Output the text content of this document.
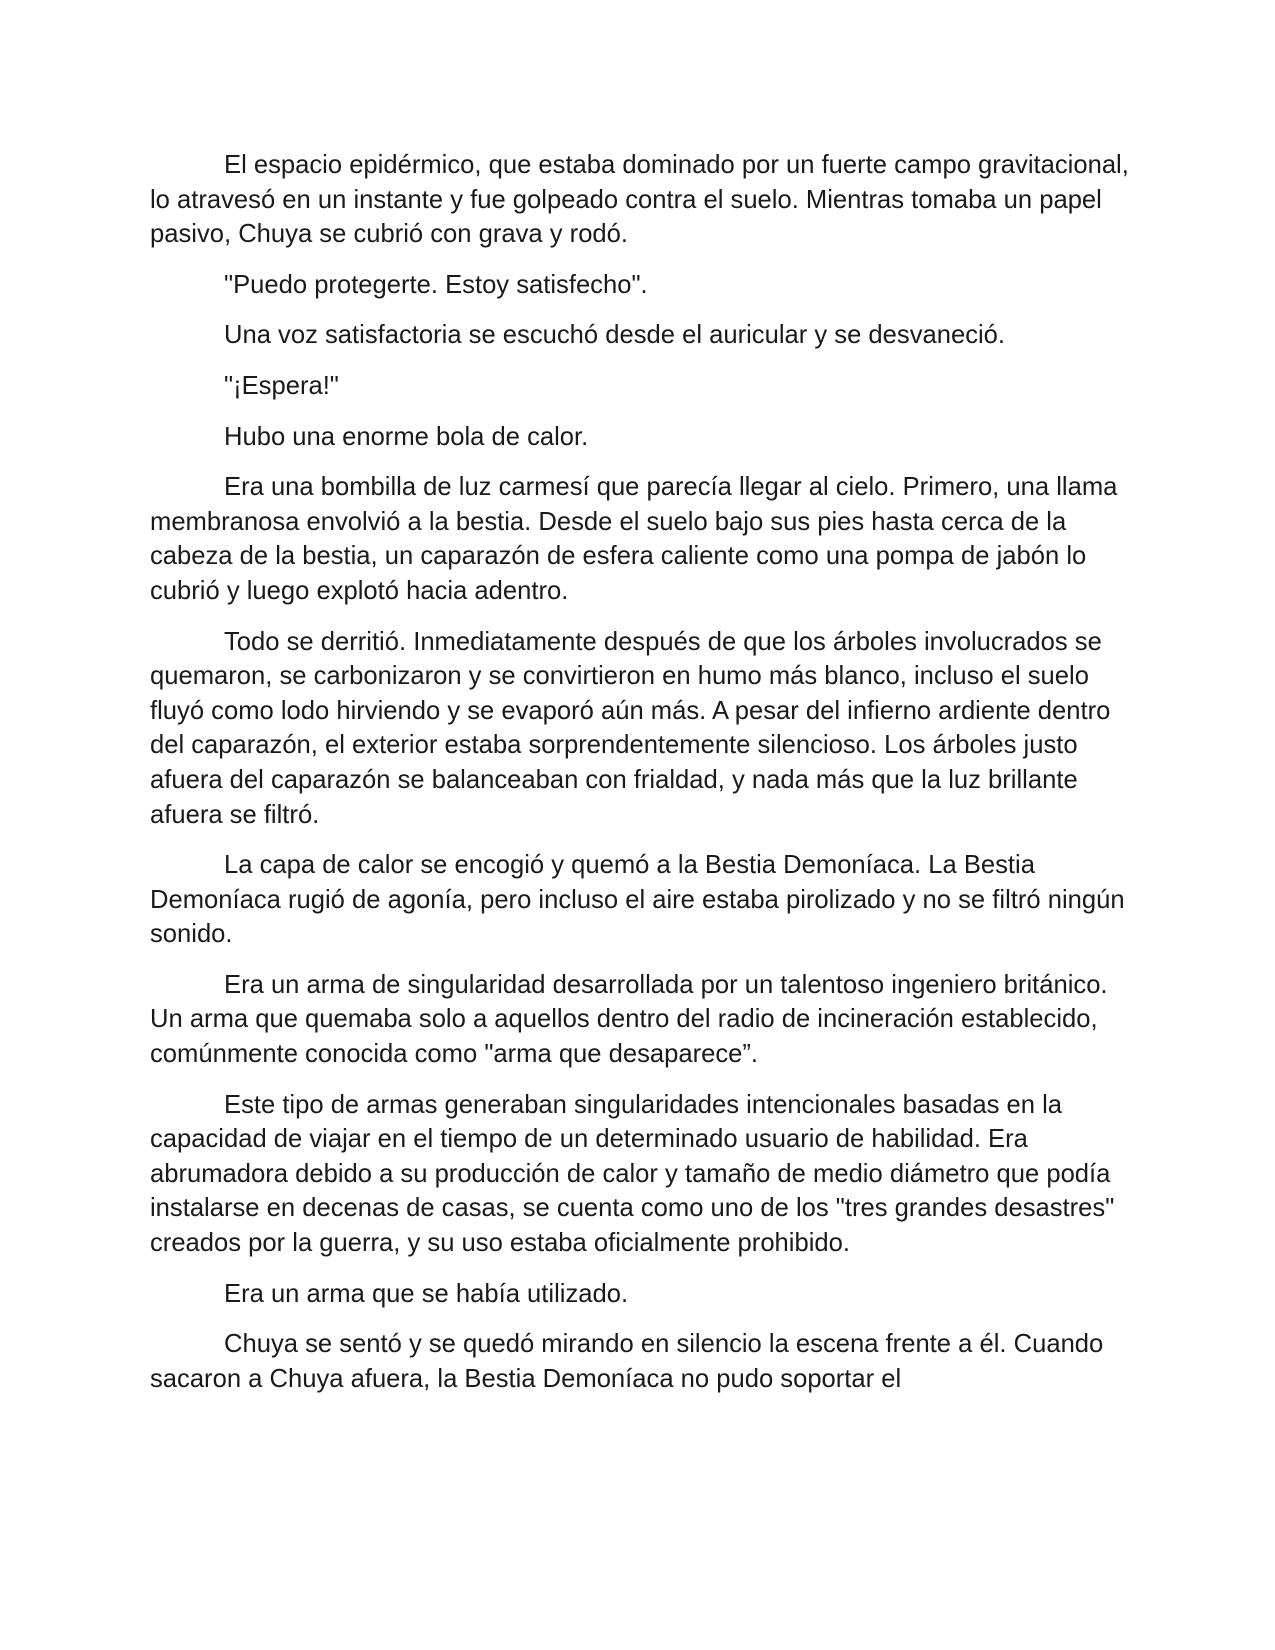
El espacio epidérmico, que estaba dominado por un fuerte campo gravitacional, lo atravesó en un instante y fue golpeado contra el suelo. Mientras tomaba un papel pasivo, Chuya se cubrió con grava y rodó.

"Puedo protegerte. Estoy satisfecho".

Una voz satisfactoria se escuchó desde el auricular y se desvaneció.

"¡Espera!"

Hubo una enorme bola de calor.

Era una bombilla de luz carmesí que parecía llegar al cielo. Primero, una llama membranosa envolvió a la bestia. Desde el suelo bajo sus pies hasta cerca de la cabeza de la bestia, un caparazón de esfera caliente como una pompa de jabón lo cubrió y luego explotó hacia adentro.

Todo se derritió. Inmediatamente después de que los árboles involucrados se quemaron, se carbonizaron y se convirtieron en humo más blanco, incluso el suelo fluyó como lodo hirviendo y se evaporó aún más. A pesar del infierno ardiente dentro del caparazón, el exterior estaba sorprendentemente silencioso. Los árboles justo afuera del caparazón se balanceaban con frialdad, y nada más que la luz brillante afuera se filtró.

La capa de calor se encogió y quemó a la Bestia Demoníaca. La Bestia Demoníaca rugió de agonía, pero incluso el aire estaba pirolizado y no se filtró ningún sonido.

Era un arma de singularidad desarrollada por un talentoso ingeniero británico. Un arma que quemaba solo a aquellos dentro del radio de incineración establecido, comúnmente conocida como "arma que desaparece”.

Este tipo de armas generaban singularidades intencionales basadas en la capacidad de viajar en el tiempo de un determinado usuario de habilidad. Era abrumadora debido a su producción de calor y tamaño de medio diámetro que podía instalarse en decenas de casas, se cuenta como uno de los "tres grandes desastres" creados por la guerra, y su uso estaba oficialmente prohibido.

Era un arma que se había utilizado.

Chuya se sentó y se quedó mirando en silencio la escena frente a él. Cuando sacaron a Chuya afuera, la Bestia Demoníaca no pudo soportar el
